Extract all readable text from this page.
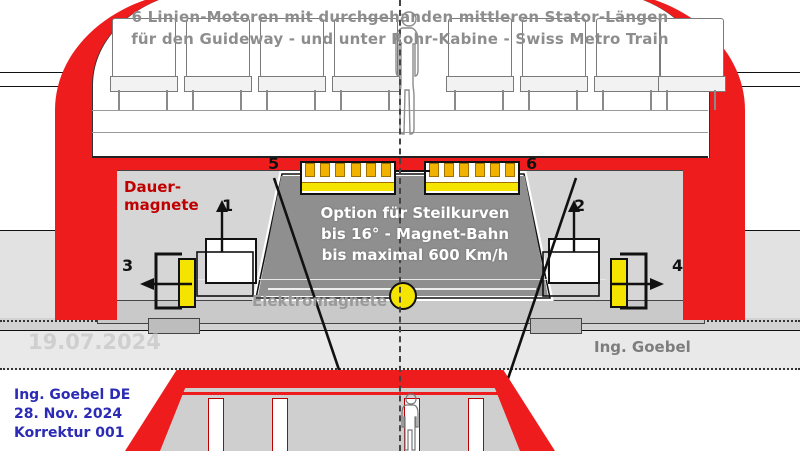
6 Linien-Motoren mit durchgehanden mittleren Stator-Längen
für den Guideway - und unter Rohr-Kabine - Swiss Metro Train
Dauer-
magnete
Elektromagnete
Option für Steilkurven
bis 16° - Magnet-Bahn
bis maximal 600 Km/h
1	2
3	4
5	6
19.07.2024	Ing. Goebel
Ing. Goebel DE
28. Nov. 2024
Korrektur 001
